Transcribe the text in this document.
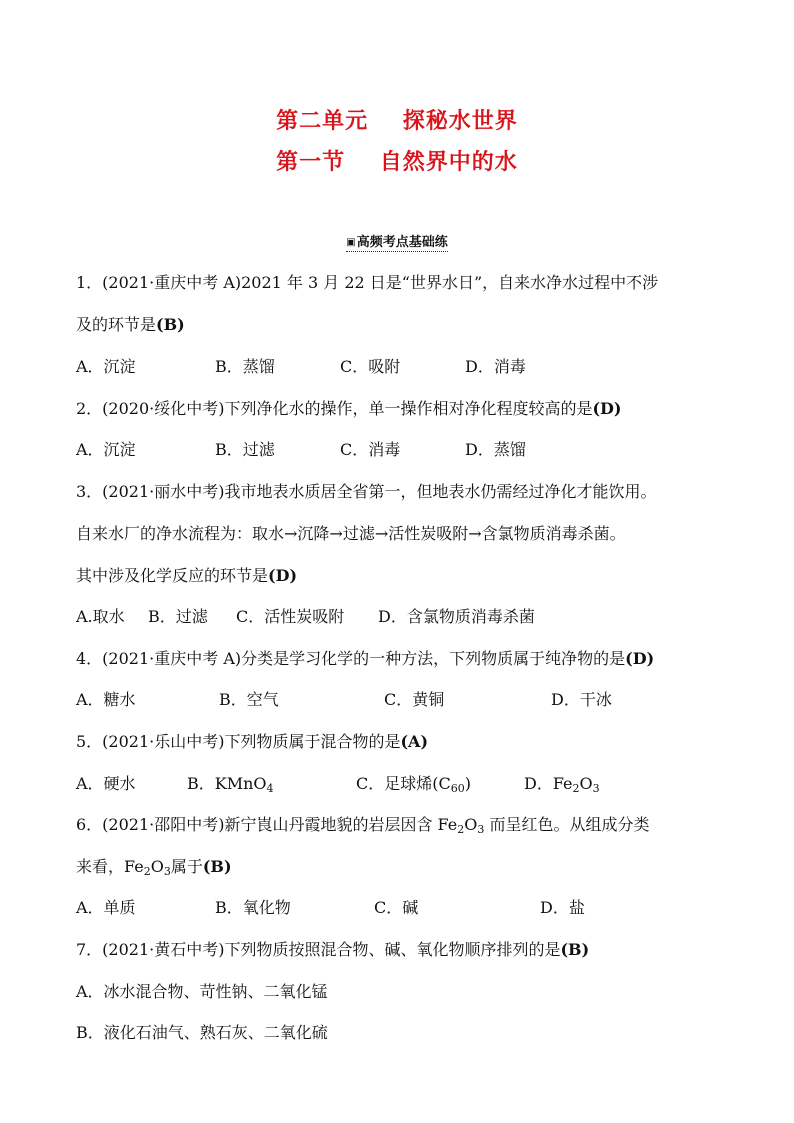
第二单元    探秘水世界
第一节    自然界中的水
▣高频考点基础练
1．(2021·重庆中考 A)2021 年 3 月 22 日是“世界水日”，自来水净水过程中不涉
及的环节是(B)
A．沉淀	B．蒸馏	C．吸附	D．消毒
2．(2020·绥化中考)下列净化水的操作，单一操作相对净化程度较高的是(D)
A．沉淀	B．过滤	C．消毒	D．蒸馏
3．(2021·丽水中考)我市地表水质居全省第一，但地表水仍需经过净化才能饮用。
自来水厂的净水流程为：取水→沉降→过滤→活性炭吸附→含氯物质消毒杀菌。
其中涉及化学反应的环节是(D)
A.取水 B．过滤 C．活性炭吸附 D．含氯物质消毒杀菌
4．(2021·重庆中考 A)分类是学习化学的一种方法，下列物质属于纯净物的是(D)
A．糖水	B．空气	C．黄铜	D．干冰
5．(2021·乐山中考)下列物质属于混合物的是(A)
A．硬水	B．KMnO$_4$	C．足球烯$(C_{60})$	D．$Fe_2O_3$
6．(2021·邵阳中考)新宁崀山丹霞地貌的岩层因含 $Fe_2O_3$ 而呈红色。从组成分类
来看，$Fe_2O_3$属于(B)
A．单质	B．氧化物	C．碱	D．盐
7．(2021·黄石中考)下列物质按照混合物、碱、氧化物顺序排列的是(B)
A．冰水混合物、苛性钠、二氧化锰
B．液化石油气、熟石灰、二氧化硫
